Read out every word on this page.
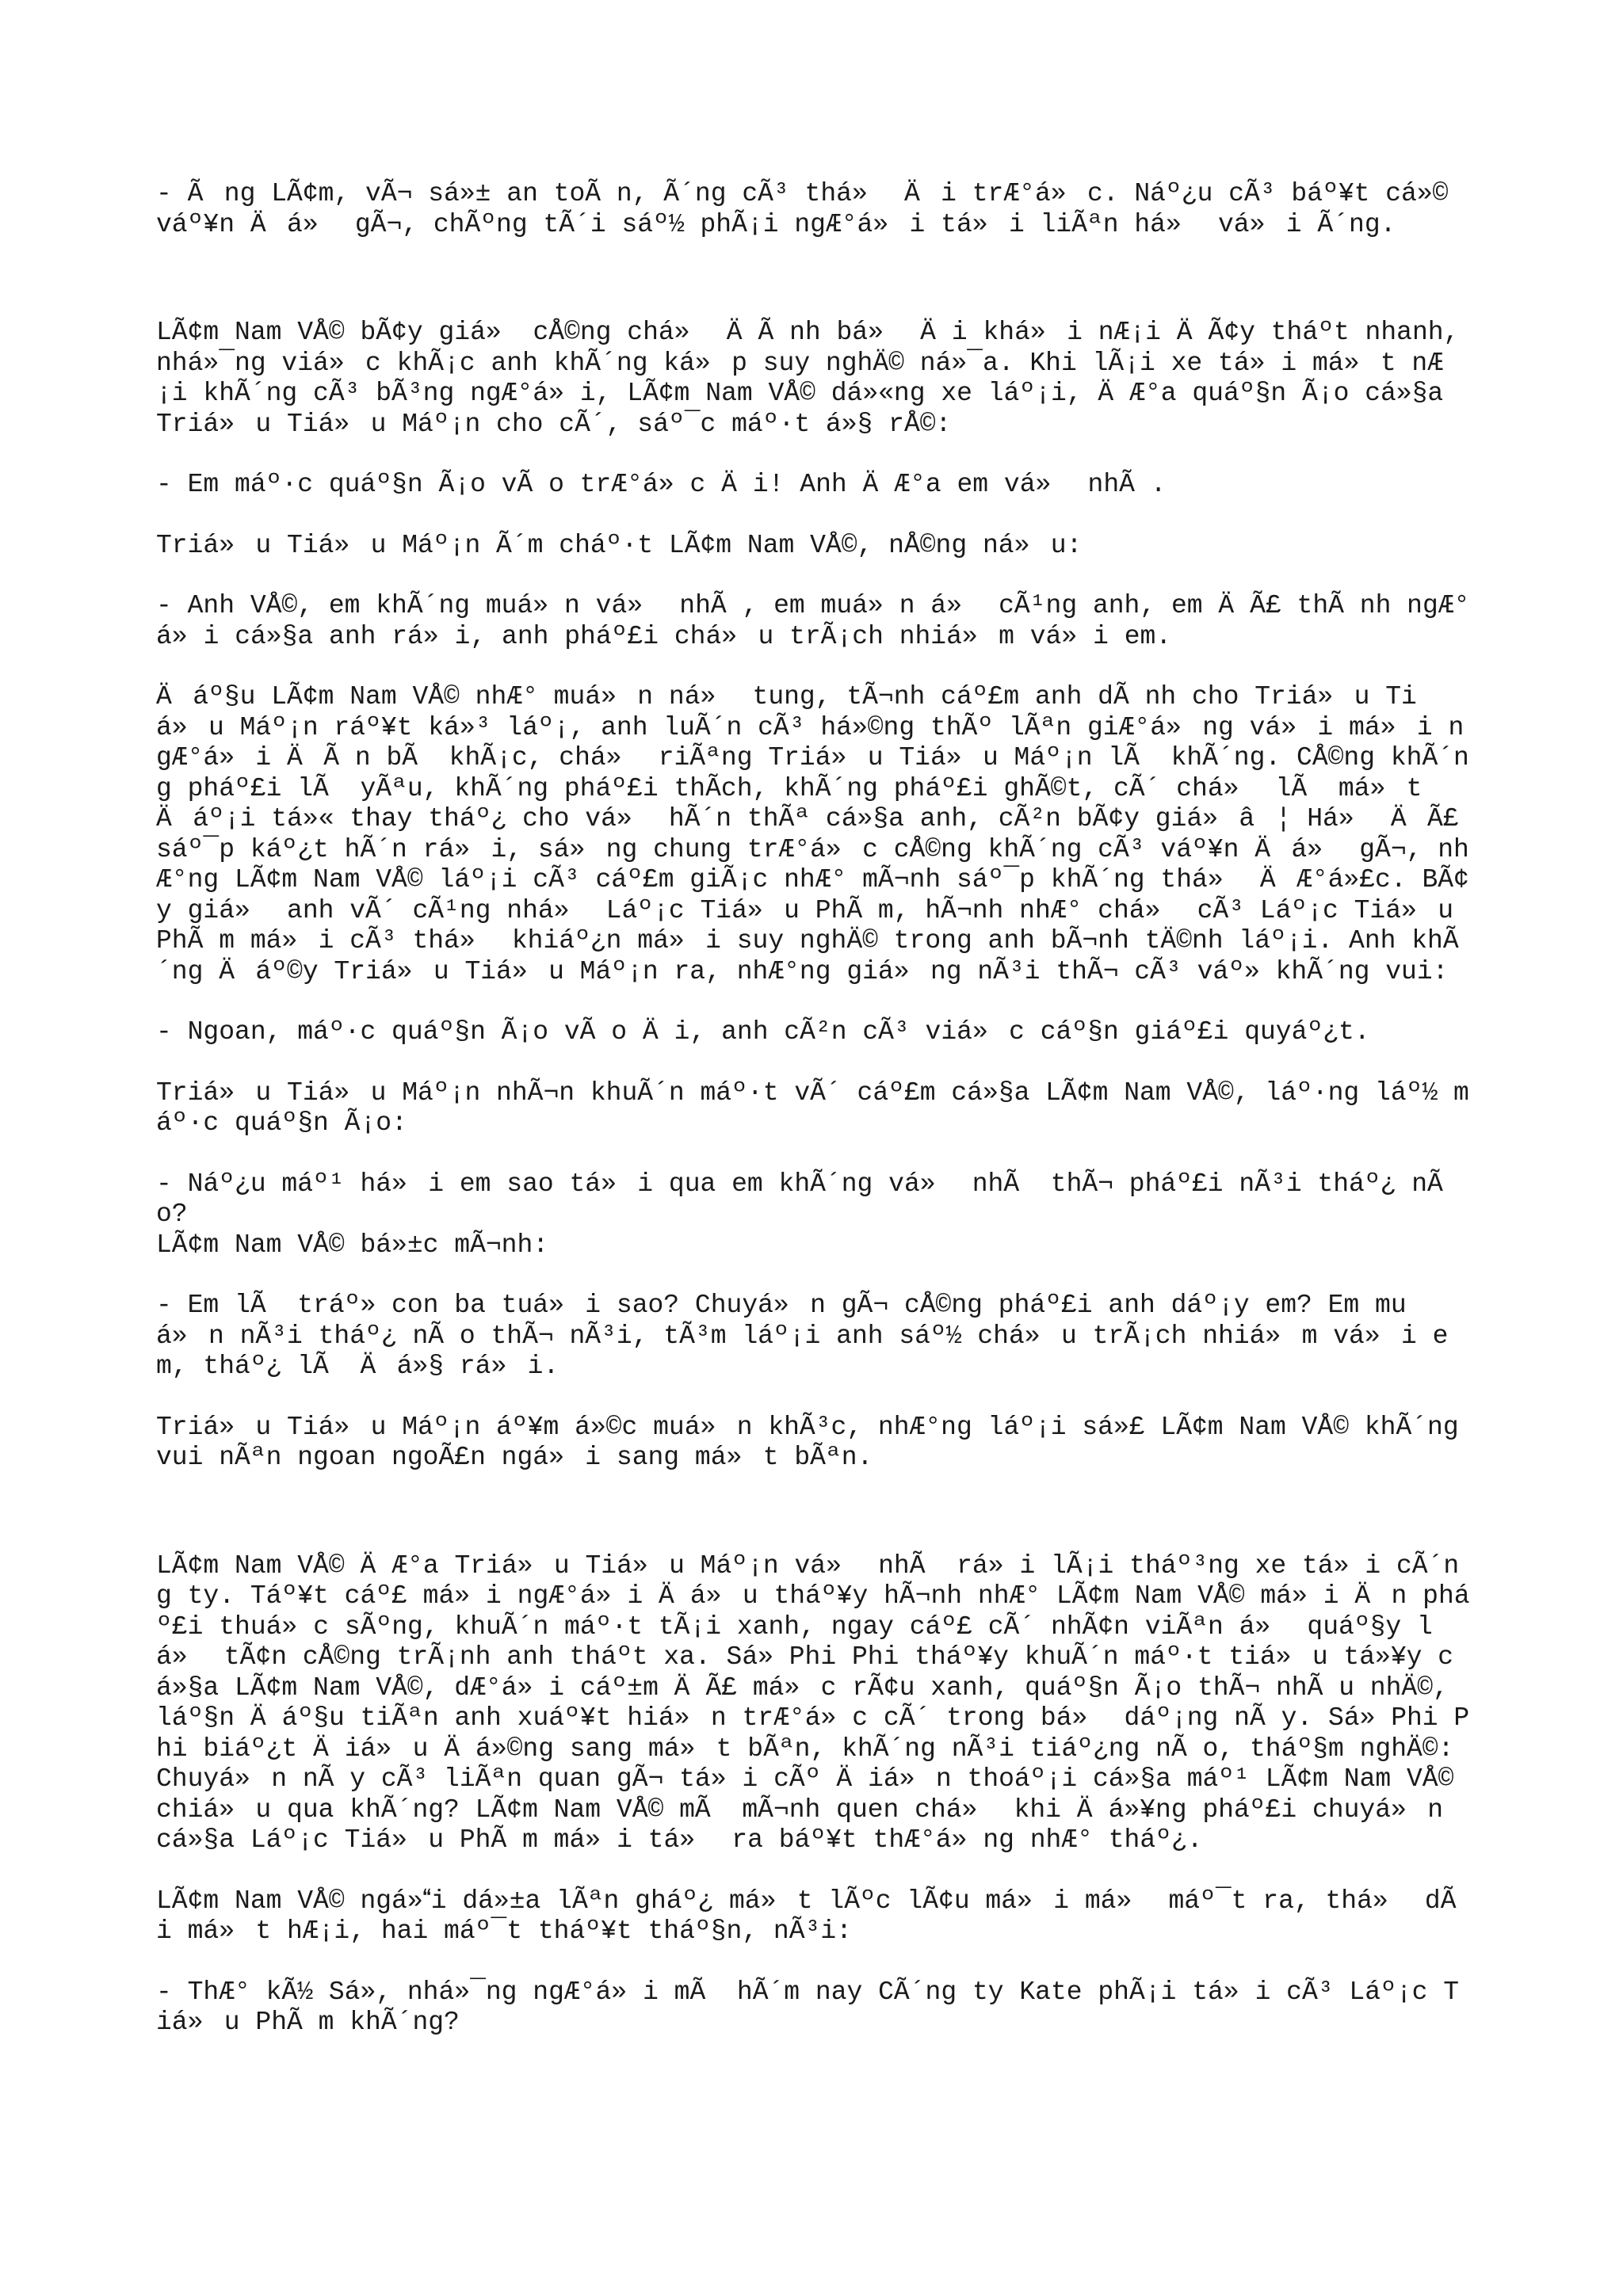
- Ãng LÃ¢m, vÃ¬ sá»± an toÃ n, Ã´ng cÃ³ thá» Äi trÆ°á»c. Náº¿u cÃ³ báº¥t cá»© váº¥n Äá» gÃ¬, chÃºng tÃ´i sáº½ phÃ¡i ngÆ°á»i tá»i liÃªn há» vá»i Ã´ng.
LÃ¢m Nam VÅ© bÃ¢y giá» cÅ©ng chá» ÄÃ nh bá» Äi khá»i nÆ¡i ÄÃ¢y tháºt nhanh, nhá»¯ng viá»c khÃ¡c anh khÃ´ng ká»p suy nghÄ© ná»¯a. Khi lÃ¡i xe tá»i má»t nÆ¡i khÃ´ng cÃ³ bÃ³ng ngÆ°á»i, LÃ¢m Nam VÅ© dá»«ng xe láº¡i, ÄÆ°a quáº§n Ã¡o cá»§a Triá»u Tiá»u Máº¡n cho cÃ´, sáº¯c máº·t á»§ rÅ©:
- Em máº·c quáº§n Ã¡o vÃ o trÆ°á»c Äi! Anh ÄÆ°a em vá» nhÃ .
Triá»u Tiá»u Máº¡n Ã´m cháº·t LÃ¢m Nam VÅ©, nÅ©ng ná»u:
- Anh VÅ©, em khÃ´ng muá»n vá» nhÃ , em muá»n á» cÃ¹ng anh, em ÄÃ£ thÃ nh ngÆ°á»i cá»§a anh rá»i, anh pháº£i chá»u trÃ¡ch nhiá»m vá»i em.
Äáº§u LÃ¢m Nam VÅ© nhÆ° muá»n ná» tung, tÃ¬nh cáº£m anh dÃ nh cho Triá»u Tiá»u Máº¡n ráº¥t ká»³ láº¡, anh luÃ´n cÃ³ há»©ng thÃº lÃªn giÆ°á»ng vá»i má»i ngÆ°á»i ÄÃ n bÃ  khÃ¡c, chá» riÃªng Triá»u Tiá»u Máº¡n lÃ  khÃ´ng. CÅ©ng khÃ´ng pháº£i lÃ  yÃªu, khÃ´ng pháº£i thÃch, khÃ´ng pháº£i ghÃ©t, cÃ´ chá» lÃ  má»t Äáº¡i tá»« thay tháº¿ cho vá» hÃ´n thÃª cá»§a anh, cÃ²n bÃ¢y giá»â¦ Há» ÄÃ£ sáº¯p káº¿t hÃ´n rá»i, sá»ng chung trÆ°á»c cÅ©ng khÃ´ng cÃ³ váº¥n Äá» gÃ¬, nhÆ°ng LÃ¢m Nam VÅ© láº¡i cÃ³ cáº£m giÃ¡c nhÆ° mÃ¬nh sáº¯p khÃ´ng thá» ÄÆ°á»£c. BÃ¢y giá» anh vÃ´ cÃ¹ng nhá» Láº¡c Tiá»u PhÃ m, hÃ¬nh nhÆ° chá» cÃ³ Láº¡c Tiá»u PhÃ m má»i cÃ³ thá» khiáº¿n má»i suy nghÄ© trong anh bÃ¬nh tÄ©nh láº¡i. Anh khÃ´ng Äáº©y Triá»u Tiá»u Máº¡n ra, nhÆ°ng giá»ng nÃ³i thÃ¬ cÃ³ váº» khÃ´ng vui:
- Ngoan, máº·c quáº§n Ã¡o vÃ o Äi, anh cÃ²n cÃ³ viá»c cáº§n giáº£i quyáº¿t.
Triá»u Tiá»u Máº¡n nhÃ¬n khuÃ´n máº·t vÃ´ cáº£m cá»§a LÃ¢m Nam VÅ©, láº·ng láº½ máº·c quáº§n Ã¡o:
- Náº¿u máº¹ há»i em sao tá»i qua em khÃ´ng vá» nhÃ  thÃ¬ pháº£i nÃ³i tháº¿ nÃ o?
LÃ¢m Nam VÅ© bá»±c mÃ¬nh:
- Em lÃ  tráº» con ba tuá»i sao? Chuyá»n gÃ¬ cÅ©ng pháº£i anh dáº¡y em? Em muá»n nÃ³i tháº¿ nÃ o thÃ¬ nÃ³i, tÃ³m láº¡i anh sáº½ chá»u trÃ¡ch nhiá»m vá»i em, tháº¿ lÃ  Äá»§ rá»i.
Triá»u Tiá»u Máº¡n áº¥m á»©c muá»n khÃ³c, nhÆ°ng láº¡i sá»£ LÃ¢m Nam VÅ© khÃ´ng vui nÃªn ngoan ngoÃ£n ngá»i sang má»t bÃªn.
LÃ¢m Nam VÅ© ÄÆ°a Triá»u Tiá»u Máº¡n vá» nhÃ  rá»i lÃ¡i tháº³ng xe tá»i cÃ´ng ty. Táº¥t cáº£ má»i ngÆ°á»i Äá»u tháº¥y hÃ¬nh nhÆ° LÃ¢m Nam VÅ© má»i Än pháº£i thuá»c sÃºng, khuÃ´n máº·t tÃ¡i xanh, ngay cáº£ cÃ´ nhÃ¢n viÃªn á» quáº§y lá» tÃ¢n cÅ©ng trÃ¡nh anh tháºt xa. Sá» Phi Phi tháº¥y khuÃ´n máº·t tiá»u tá»¥y cá»§a LÃ¢m Nam VÅ©, dÆ°á»i cáº±m ÄÃ£ má»c rÃ¢u xanh, quáº§n Ã¡o thÃ¬ nhÃ u nhÄ©, láº§n Äáº§u tiÃªn anh xuáº¥t hiá»n trÆ°á»c cÃ´ trong bá» dáº¡ng nÃ y. Sá» Phi Phi biáº¿t Äiá»u Äá»©ng sang má»t bÃªn, khÃ´ng nÃ³i tiáº¿ng nÃ o, tháº§m nghÄ©: Chuyá»n nÃ y cÃ³ liÃªn quan gÃ¬ tá»i cÃº Äiá»n thoáº¡i cá»§a máº¹ LÃ¢m Nam VÅ© chiá»u qua khÃ´ng? LÃ¢m Nam VÅ© mÃ  mÃ¬nh quen chá» khi Äá»¥ng pháº£i chuyá»n cá»§a Láº¡c Tiá»u PhÃ m má»i tá» ra báº¥t thÆ°á»ng nhÆ° tháº¿.
LÃ¢m Nam VÅ© ngá»i dá»±a lÃªn gháº¿ má»t lÃºc lÃ¢u má»i má» máº¯t ra, thá» dÃ i má»t hÆ¡i, hai máº¯t tháº¥t tháº§n, nÃ³i:
- ThÆ° kÃ½ Sá», nhá»¯ng ngÆ°á»i mÃ  hÃ´m nay CÃ´ng ty Kate phÃ¡i tá»i cÃ³ Láº¡c Tiá»u PhÃ m khÃ´ng?
